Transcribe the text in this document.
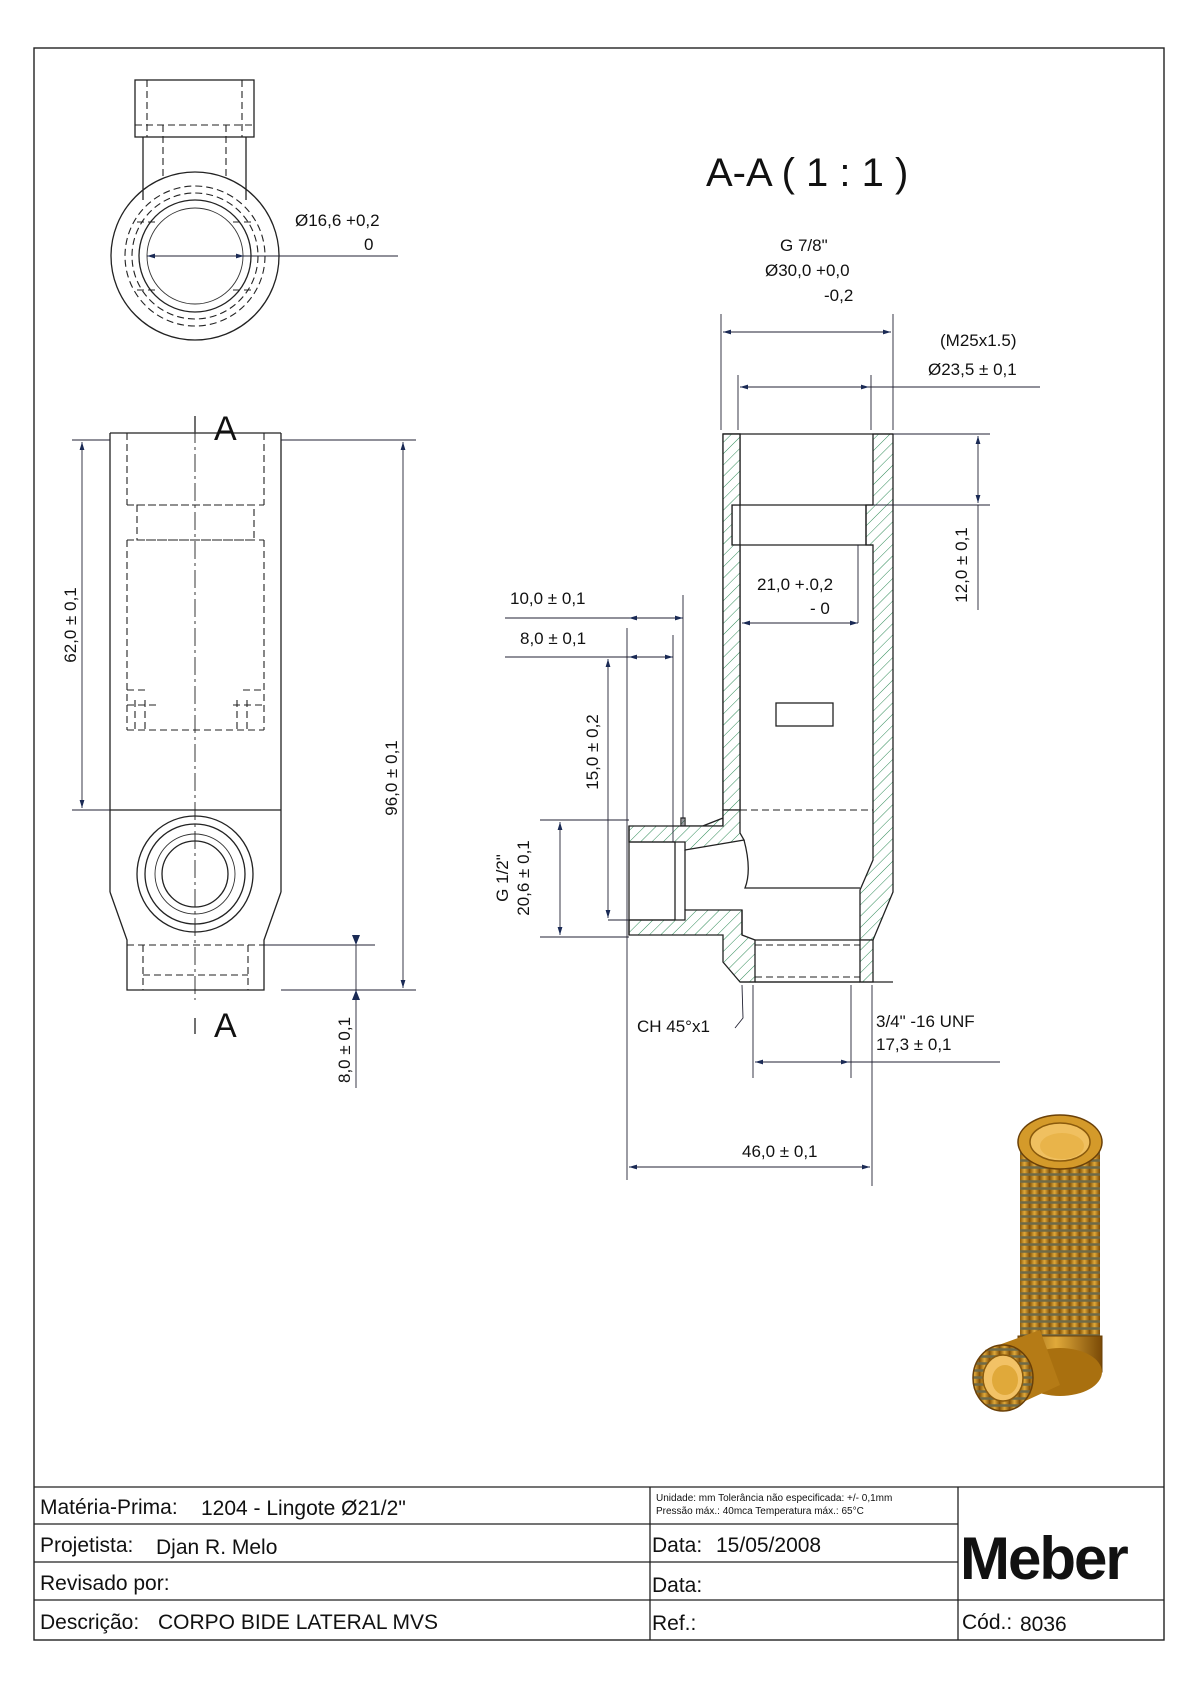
Ø16,6 +0,2
0
A
A
62,0 ± 0,1
96,0 ± 0,1
8,0 ± 0,1
A-A ( 1 : 1 )
G 7/8"
Ø30,0 +0,0
-0,2
(M25x1.5)
Ø23,5 ± 0,1
12,0 ± 0,1
21,0 +.0,2
- 0
10,0 ± 0,1
8,0 ± 0,1
15,0 ± 0,2
G 1/2" 20,6 ± 0,1
CH 45°x1	3/4" -16 UNF
17,3 ± 0,1
46,0 ± 0,1
Matéria-Prima: 1204 - Lingote Ø21/2"	Unidade: mm Tolerância não especificada: +/- 0,1mm
Pressão máx.: 40mca Temperatura máx.: 65°C
Projetista: Djan R. Melo	Data: 15/05/2008
Revisado por:	Data:
Descrição: CORPO BIDE LATERAL MVS	Ref.:	Cód.: 8036
Meber
